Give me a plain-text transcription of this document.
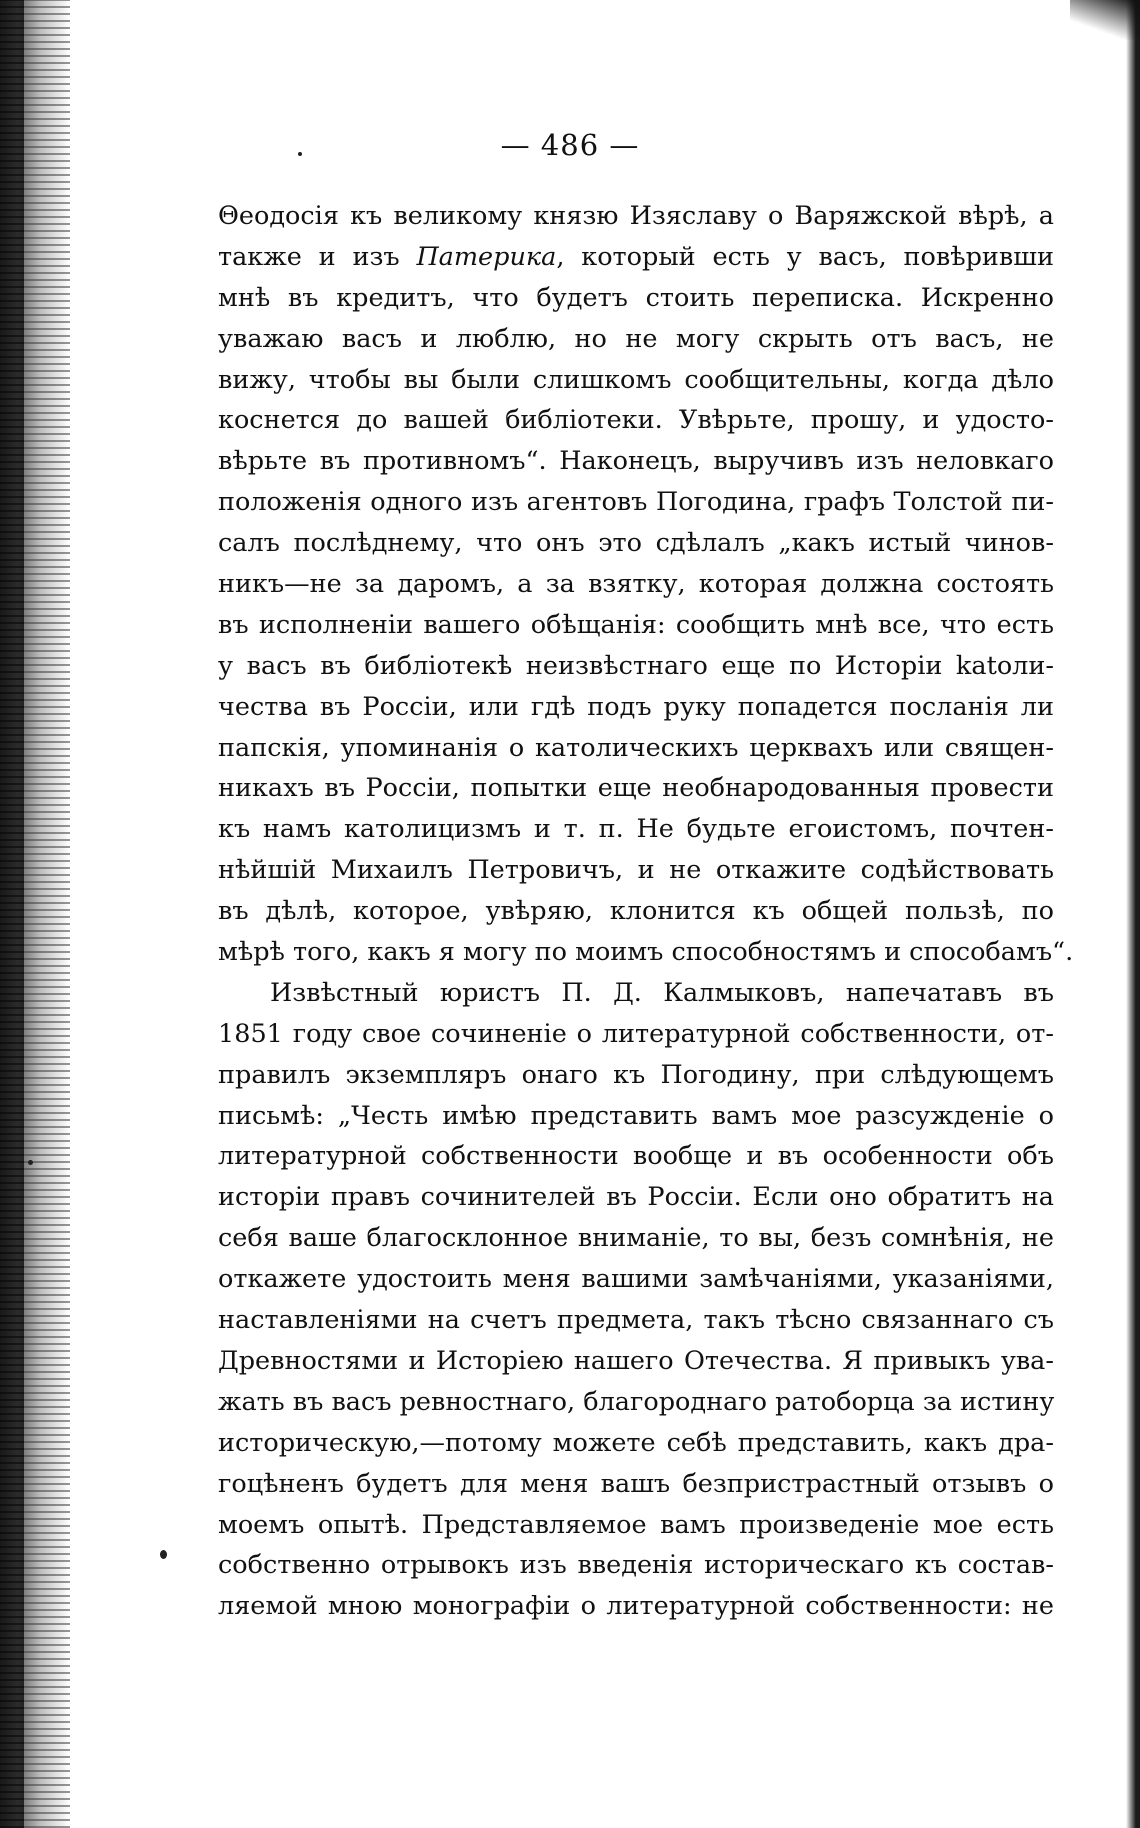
— 486 —
Θеодосія къ великому князю Изяславу о Варяжской вѣрѣ, а
также и изъ Патерика, который есть у васъ, повѣривши
мнѣ въ кредитъ, что будетъ стоить переписка. Искренно
уважаю васъ и люблю, но не могу скрыть отъ васъ, не
вижу, чтобы вы были слишкомъ сообщительны, когда дѣло
коснется до вашей библіотеки. Увѣрьте, прошу, и удосто-
вѣрьте въ противномъ“. Наконецъ, выручивъ изъ неловкаго
положенія одного изъ агентовъ Погодина, графъ Толстой пи-
салъ послѣднему, что онъ это сдѣлалъ „какъ истый чинов-
никъ—не за даромъ, а за взятку, которая должна состоять
въ исполненіи вашего обѣщанія: сообщить мнѣ все, что есть
у васъ въ библіотекѣ неизвѣстнаго еще по Исторіи katoли-
чества въ Россіи, или гдѣ подъ руку попадется посланія ли
папскія, упоминанія о католическихъ церквахъ или священ-
никахъ въ Россіи, попытки еще необнародованныя провести
къ намъ католицизмъ и т. п. Не будьте егоистомъ, почтен-
нѣйшій Михаилъ Петровичъ, и не откажите содѣйствовать
въ дѣлѣ, которое, увѣряю, клонится къ общей пользѣ, по
мѣрѣ того, какъ я могу по моимъ способностямъ и способамъ“.
Извѣстный юристъ П. Д. Калмыковъ, напечатавъ въ
1851 году свое сочиненіе о литературной собственности, от-
правилъ экземпляръ онаго къ Погодину, при слѣдующемъ
письмѣ: „Честь имѣю представить вамъ мое разсужденіе о
литературной собственности вообще и въ особенности объ
исторіи правъ сочинителей въ Россіи. Если оно обратитъ на
себя ваше благосклонное вниманіе, то вы, безъ сомнѣнія, не
откажете удостоить меня вашими замѣчаніями, указаніями,
наставленіями на счетъ предмета, такъ тѣсно связаннаго съ
Древностями и Исторіею нашего Отечества. Я привыкъ ува-
жать въ васъ ревностнаго, благороднаго ратоборца за истину
историческую,—потому можете себѣ представить, какъ дра-
гоцѣненъ будетъ для меня вашъ безпристрастный отзывъ о
моемъ опытѣ. Представляемое вамъ произведеніе мое есть
собственно отрывокъ изъ введенія историческаго къ состав-
ляемой мною монографіи о литературной собственности: не
